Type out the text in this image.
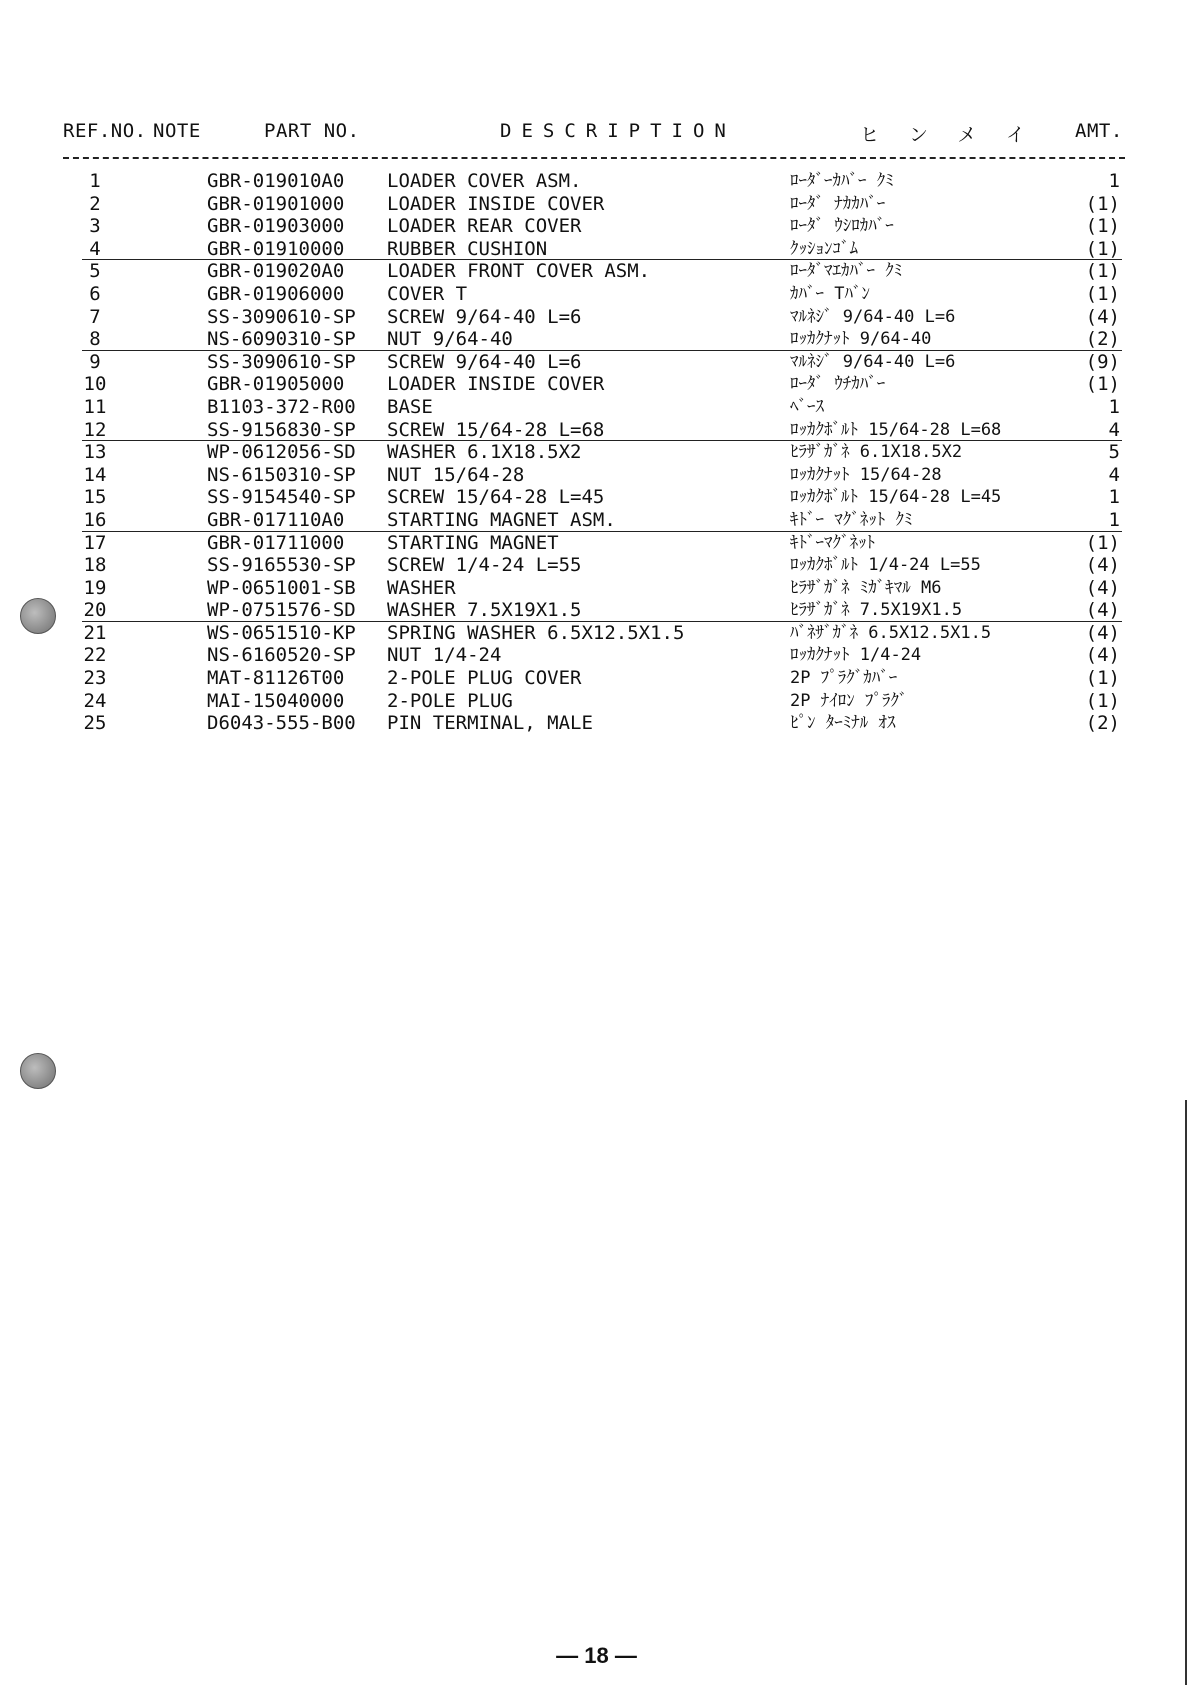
REF.NO. NOTE	PART NO.	DESCRIPTION	ヒンメイ AMT.
1	GBR-019010A0 LOADER COVER ASM.	ﾛｰﾀﾞｰｶﾊﾞｰ ｸﾐ	1
2	GBR-01901000 LOADER INSIDE COVER	ﾛｰﾀﾞ ﾅｶｶﾊﾞｰ	(1)
3	GBR-01903000 LOADER REAR COVER	ﾛｰﾀﾞ ｳｼﾛｶﾊﾞｰ	(1)
4	GBR-01910000 RUBBER CUSHION	ｸｯｼｮﾝｺﾞﾑ	(1)
5	GBR-019020A0 LOADER FRONT COVER ASM.	ﾛｰﾀﾞﾏｴｶﾊﾞｰ ｸﾐ	(1)
6	GBR-01906000 COVER T	ｶﾊﾞｰ Tﾊﾞﾝ	(1)
7	SS-3090610-SP SCREW 9/64-40 L=6	ﾏﾙﾈｼﾞ 9/64-40 L=6	(4)
8	NS-6090310-SP NUT 9/64-40	ﾛｯｶｸﾅｯﾄ 9/64-40	(2)
9	SS-3090610-SP SCREW 9/64-40 L=6	ﾏﾙﾈｼﾞ 9/64-40 L=6	(9)
10	GBR-01905000 LOADER INSIDE COVER	ﾛｰﾀﾞ ｳﾁｶﾊﾞｰ	(1)
11	B1103-372-R00 BASE	ﾍﾞｰｽ	1
12	SS-9156830-SP SCREW 15/64-28 L=68	ﾛｯｶｸﾎﾞﾙﾄ 15/64-28 L=68	4
13	WP-0612056-SD WASHER 6.1X18.5X2	ﾋﾗｻﾞｶﾞﾈ 6.1X18.5X2	5
14	NS-6150310-SP NUT 15/64-28	ﾛｯｶｸﾅｯﾄ 15/64-28	4
15	SS-9154540-SP SCREW 15/64-28 L=45	ﾛｯｶｸﾎﾞﾙﾄ 15/64-28 L=45	1
16	GBR-017110A0 STARTING MAGNET ASM.	ｷﾄﾞｰ ﾏｸﾞﾈｯﾄ ｸﾐ	1
17	GBR-01711000 STARTING MAGNET	ｷﾄﾞｰﾏｸﾞﾈｯﾄ	(1)
18	SS-9165530-SP SCREW 1/4-24 L=55	ﾛｯｶｸﾎﾞﾙﾄ 1/4-24 L=55	(4)
19	WP-0651001-SB WASHER	ﾋﾗｻﾞｶﾞﾈ ﾐｶﾞｷﾏﾙ M6	(4)
20	WP-0751576-SD WASHER 7.5X19X1.5	ﾋﾗｻﾞｶﾞﾈ 7.5X19X1.5	(4)
21	WS-0651510-KP SPRING WASHER 6.5X12.5X1.5	ﾊﾞﾈｻﾞｶﾞﾈ 6.5X12.5X1.5	(4)
22	NS-6160520-SP NUT 1/4-24	ﾛｯｶｸﾅｯﾄ 1/4-24	(4)
23	MAT-81126T00 2-POLE PLUG COVER	2P ﾌﾟﾗｸﾞｶﾊﾞｰ	(1)
24	MAI-15040000 2-POLE PLUG	2P ﾅｲﾛﾝ ﾌﾟﾗｸﾞ	(1)
25	D6043-555-B00 PIN TERMINAL, MALE	ﾋﾟﾝ ﾀｰﾐﾅﾙ ｵｽ	(2)
— 18 —
